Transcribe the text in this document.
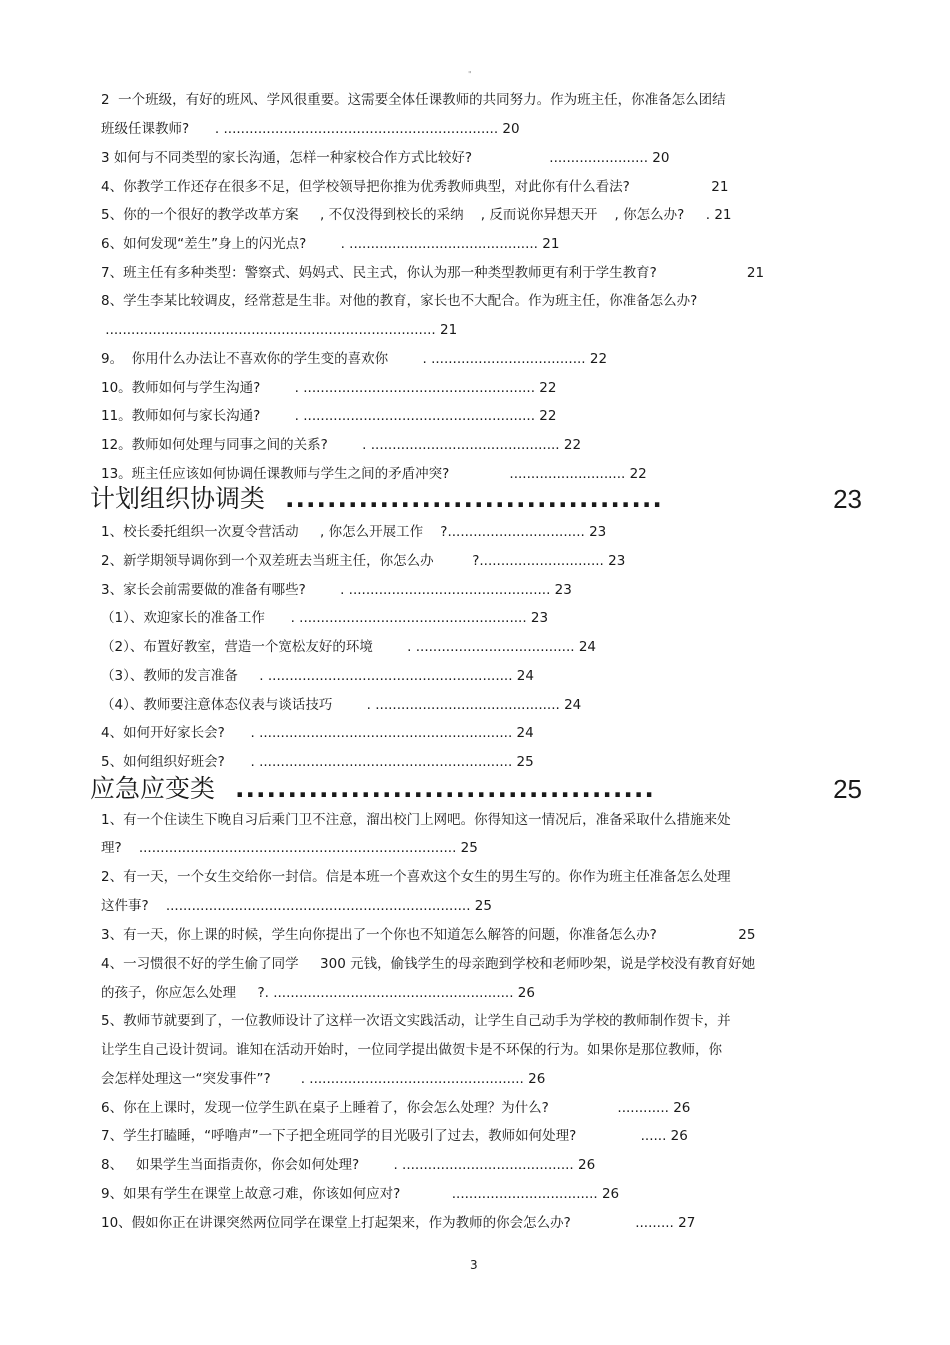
"
2  一个班级，有好的班风、学风很重要。这需要全体任课教师的共同努力。作为班主任，你准备怎么团结
班级任课教师?      . ................................................................ 20
3 如何与不同类型的家长沟通，怎样一种家校合作方式比较好?                  ....................... 20
4、你教学工作还存在很多不足，但学校领导把你推为优秀教师典型，对此你有什么看法?                   21
5、你的一个很好的教学改革方案     , 不仅没得到校长的采纳    , 反而说你异想天开    , 你怎么办?     . 21
6、如何发现“差生”身上的闪光点?        . ............................................ 21
7、班主任有多种类型：警察式、妈妈式、民主式，你认为那一种类型教师更有利于学生教育?                     21
8、学生李某比较调皮，经常惹是生非。对他的教育，家长也不大配合。作为班主任，你准备怎么办?
............................................................................. 21
9。  你用什么办法让不喜欢你的学生变的喜欢你        . .................................... 22
10。教师如何与学生沟通?        . ...................................................... 22
11。教师如何与家长沟通?        . ...................................................... 22
12。教师如何处理与同事之间的关系?        . ............................................ 22
13。班主任应该如何协调任课教师与学生之间的矛盾冲突?              ........................... 22
计划组织协调类 ....................................	23
1、校长委托组织一次夏令营活动     , 你怎么开展工作    ?................................ 23
2、新学期领导调你到一个双差班去当班主任，你怎么办         ?............................. 23
3、家长会前需要做的准备有哪些?        . ............................................... 23
（1）、欢迎家长的准备工作      . ..................................................... 23
（2）、布置好教室，营造一个宽松友好的环境        . ..................................... 24
（3）、教师的发言准备     . ......................................................... 24
（4）、教师要注意体态仪表与谈话技巧        . ........................................... 24
4、如何开好家长会?      . ........................................................... 24
5、如何组织好班会?      . ........................................................... 25
应急应变类 ........................................	25
1、有一个住读生下晚自习后乘门卫不注意，溜出校门上网吧。你得知这一情况后，准备采取什么措施来处
理?    .......................................................................... 25
2、有一天，一个女生交给你一封信。信是本班一个喜欢这个女生的男生写的。你作为班主任准备怎么处理
这件事?    ....................................................................... 25
3、有一天，你上课的时候，学生向你提出了一个你也不知道怎么解答的问题，你准备怎么办?                   25
4、一习惯很不好的学生偷了同学     300 元钱，偷钱学生的母亲跑到学校和老师吵架，说是学校没有教育好她
的孩子，你应怎么处理     ?. ........................................................ 26
5、教师节就要到了，一位教师设计了这样一次语文实践活动，让学生自己动手为学校的教师制作贺卡，并
让学生自己设计贺词。谁知在活动开始时，一位同学提出做贺卡是不环保的行为。如果你是那位教师，你
会怎样处理这一“突发事件”?       . .................................................. 26
6、你在上课时，发现一位学生趴在桌子上睡着了，你会怎么处理？为什么?                ............ 26
7、学生打瞌睡，“呼噜声”一下子把全班同学的目光吸引了过去，教师如何处理?               ...... 26
8、   如果学生当面指责你，你会如何处理?        . ........................................ 26
9、如果有学生在课堂上故意刁难，你该如何应对?            .................................. 26
10、假如你正在讲课突然两位同学在课堂上打起架来，作为教师的你会怎么办?               ......... 27
3
